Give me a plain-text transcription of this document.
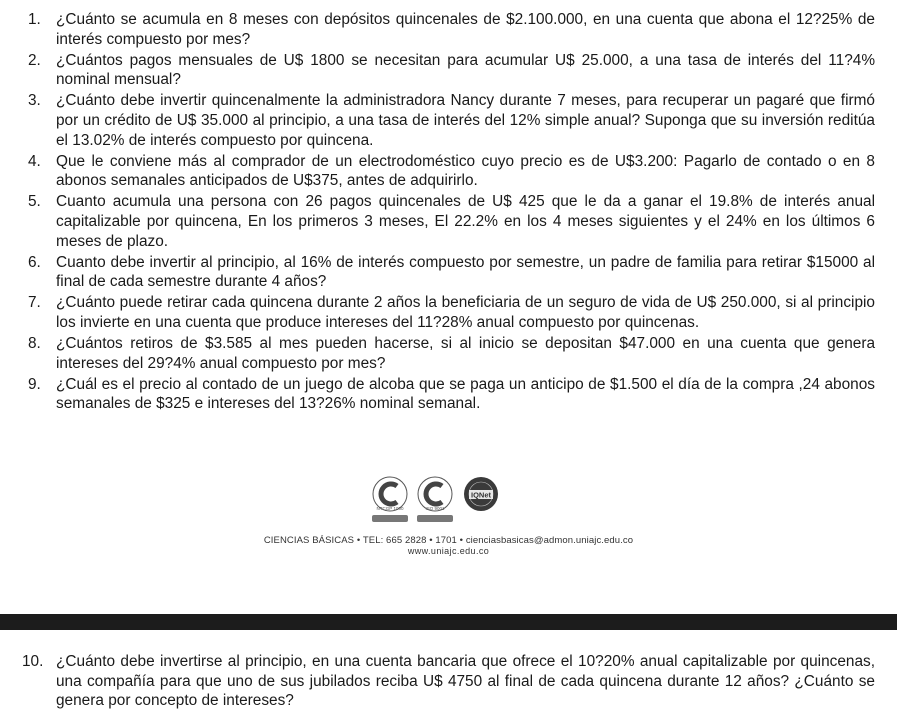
1. ¿Cuánto se acumula en 8 meses con depósitos quincenales de $2.100.000, en una cuenta que abona el 12?25% de interés compuesto por mes?
2. ¿Cuántos pagos mensuales de U$ 1800 se necesitan para acumular U$ 25.000, a una tasa de interés del 11?4% nominal mensual?
3. ¿Cuánto debe invertir quincenalmente la administradora Nancy durante 7 meses, para recuperar un pagaré que firmó por un crédito de U$ 35.000 al principio, a una tasa de interés del 12% simple anual? Suponga que su inversión reditúa el 13.02% de interés compuesto por quincena.
4. Que le conviene más al comprador de un electrodoméstico cuyo precio es de U$3.200: Pagarlo de contado o en 8 abonos semanales anticipados de U$375, antes de adquirirlo.
5. Cuanto acumula una persona con 26 pagos quincenales de U$ 425 que le da a ganar el 19.8% de interés anual capitalizable por quincena, En los primeros 3 meses, El 22.2% en los 4 meses siguientes y el 24% en los últimos 6 meses de plazo.
6. Cuanto debe invertir al principio, al 16% de interés compuesto por semestre, un padre de familia para retirar $15000 al final de cada semestre durante 4 años?
7. ¿Cuánto puede retirar cada quincena durante 2 años la beneficiaria de un seguro de vida de U$ 250.000, si al principio los invierte en una cuenta que produce intereses del 11?28% anual compuesto por quincenas.
8. ¿Cuántos retiros de $3.585 al mes pueden hacerse, si al inicio se depositan $47.000 en una cuenta que genera intereses del 29?4% anual compuesto por mes?
9. ¿Cuál es el precio al contado de un juego de alcoba que se paga un anticipo de $1.500 el día de la compra ,24 abonos semanales de $325 e intereses del 13?26% nominal semanal.
NTCGP 1000	ISO 9001
IQNet
CIENCIAS BÁSICAS • TEL: 665 2828 • 1701 • cienciasbasicas@admon.uniajc.edu.co
www.uniajc.edu.co
10. ¿Cuánto debe invertirse al principio, en una cuenta bancaria que ofrece el 10?20% anual capitalizable por quincenas, una compañía para que uno de sus jubilados reciba U$ 4750 al final de cada quincena durante 12 años? ¿Cuánto se genera por concepto de intereses?
